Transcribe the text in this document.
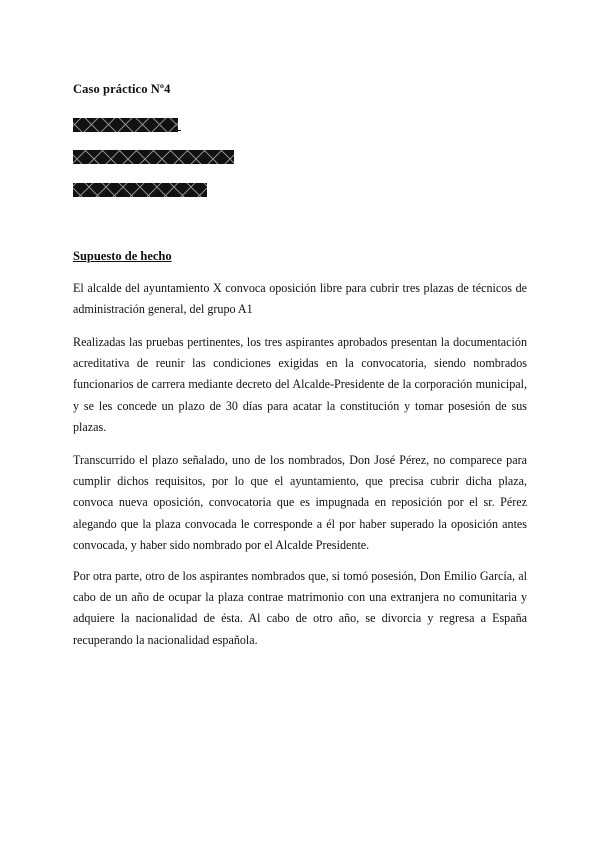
Caso práctico Nº4
Supuesto de hecho

El alcalde del ayuntamiento X convoca oposición libre para cubrir tres plazas de técnicos de administración general, del grupo A1

Realizadas las pruebas pertinentes, los tres aspirantes aprobados presentan la documentación acreditativa de reunir las condiciones exigidas en la convocatoria, siendo nombrados funcionarios de carrera mediante decreto del Alcalde-Presidente de la corporación municipal, y se les concede un plazo de 30 días para acatar la constitución y tomar posesión de sus plazas.

Transcurrido el plazo señalado, uno de los nombrados, Don José Pérez, no comparece para cumplir dichos requisitos, por lo que el ayuntamiento, que precisa cubrir dicha plaza, convoca nueva oposición, convocatoria que es impugnada en reposición por el sr. Pérez alegando que la plaza convocada le corresponde a él por haber superado la oposición antes convocada, y haber sido nombrado por el Alcalde Presidente.

Por otra parte, otro de los aspirantes nombrados que, si tomó posesión, Don Emilio García, al cabo de un año de ocupar la plaza contrae matrimonio con una extranjera no comunitaria y adquiere la nacionalidad de ésta. Al cabo de otro año, se divorcia y regresa a España recuperando la nacionalidad española.
